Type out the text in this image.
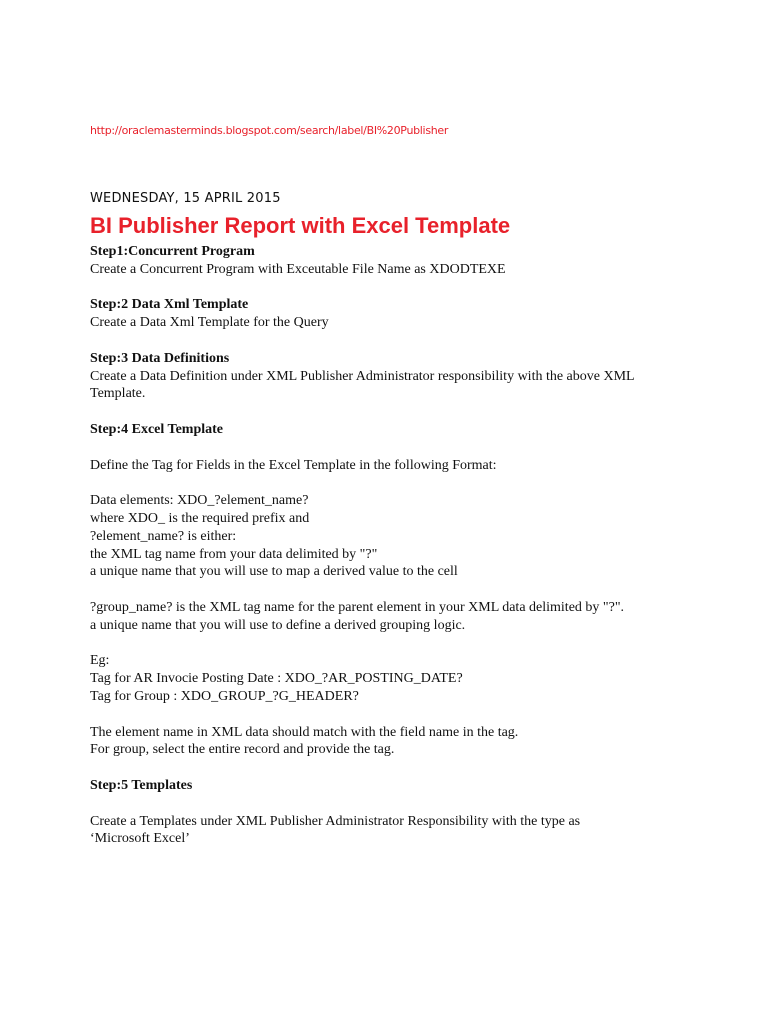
http://oraclemasterminds.blogspot.com/search/label/BI%20Publisher
WEDNESDAY, 15 APRIL 2015
BI Publisher Report with Excel Template

Step1:Concurrent Program

Create a Concurrent Program with Exceutable File Name as XDODTEXE

Step:2 Data Xml Template

Create a Data Xml Template for the Query

Step:3 Data Definitions

Create a Data Definition under XML Publisher Administrator responsibility with the above XML

Template.

Step:4 Excel Template

Define the Tag for Fields in the Excel Template in the following Format:

Data elements: XDO_?element_name?

where XDO_ is the required prefix and

?element_name? is either:

the XML tag name from your data delimited by "?"

a unique name that you will use to map a derived value to the cell

?group_name? is the XML tag name for the parent element in your XML data delimited by "?".

a unique name that you will use to define a derived grouping logic.

Eg:

Tag for AR Invocie Posting Date : XDO_?AR_POSTING_DATE?

Tag for Group : XDO_GROUP_?G_HEADER?

The element name in XML data should match with the field name in the tag.

For group, select the entire record and provide the tag.

Step:5 Templates

Create a Templates under XML Publisher Administrator Responsibility with the type as

‘Microsoft Excel’
